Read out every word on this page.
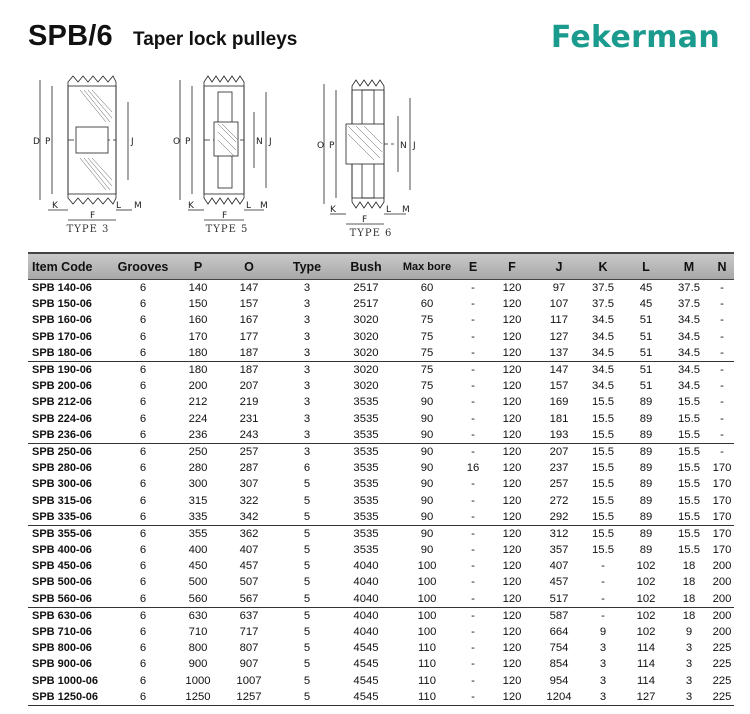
SPB/6 Taper lock pulleys	Fekerman
D P	J
K	L M
F
TYPE 3
O P	N J
K	L M
F
TYPE 5
O P	N J
K	L M
F
TYPE 6
Item Code	Grooves	P	O	Type	Bush	Max bore	E	F	J	K	L	M	N
SPB 140-06	6	140	147	3	2517	60	-	120	97	37.5	45	37.5	-
SPB 150-06	6	150	157	3	2517	60	-	120	107	37.5	45	37.5	-
SPB 160-06	6	160	167	3	3020	75	-	120	117	34.5	51	34.5	-
SPB 170-06	6	170	177	3	3020	75	-	120	127	34.5	51	34.5	-
SPB 180-06	6	180	187	3	3020	75	-	120	137	34.5	51	34.5	-
SPB 190-06	6	180	187	3	3020	75	-	120	147	34.5	51	34.5	-
SPB 200-06	6	200	207	3	3020	75	-	120	157	34.5	51	34.5	-
SPB 212-06	6	212	219	3	3535	90	-	120	169	15.5	89	15.5	-
SPB 224-06	6	224	231	3	3535	90	-	120	181	15.5	89	15.5	-
SPB 236-06	6	236	243	3	3535	90	-	120	193	15.5	89	15.5	-
SPB 250-06	6	250	257	3	3535	90	-	120	207	15.5	89	15.5	-
SPB 280-06	6	280	287	6	3535	90	16	120	237	15.5	89	15.5	170
SPB 300-06	6	300	307	5	3535	90	-	120	257	15.5	89	15.5	170
SPB 315-06	6	315	322	5	3535	90	-	120	272	15.5	89	15.5	170
SPB 335-06	6	335	342	5	3535	90	-	120	292	15.5	89	15.5	170
SPB 355-06	6	355	362	5	3535	90	-	120	312	15.5	89	15.5	170
SPB 400-06	6	400	407	5	3535	90	-	120	357	15.5	89	15.5	170
SPB 450-06	6	450	457	5	4040	100	-	120	407	-	102	18	200
SPB 500-06	6	500	507	5	4040	100	-	120	457	-	102	18	200
SPB 560-06	6	560	567	5	4040	100	-	120	517	-	102	18	200
SPB 630-06	6	630	637	5	4040	100	-	120	587	-	102	18	200
SPB 710-06	6	710	717	5	4040	100	-	120	664	9	102	9	200
SPB 800-06	6	800	807	5	4545	110	-	120	754	3	114	3	225
SPB 900-06	6	900	907	5	4545	110	-	120	854	3	114	3	225
SPB 1000-06	6	1000	1007	5	4545	110	-	120	954	3	114	3	225
SPB 1250-06	6	1250	1257	5	4545	110	-	120	1204	3	127	3	225
